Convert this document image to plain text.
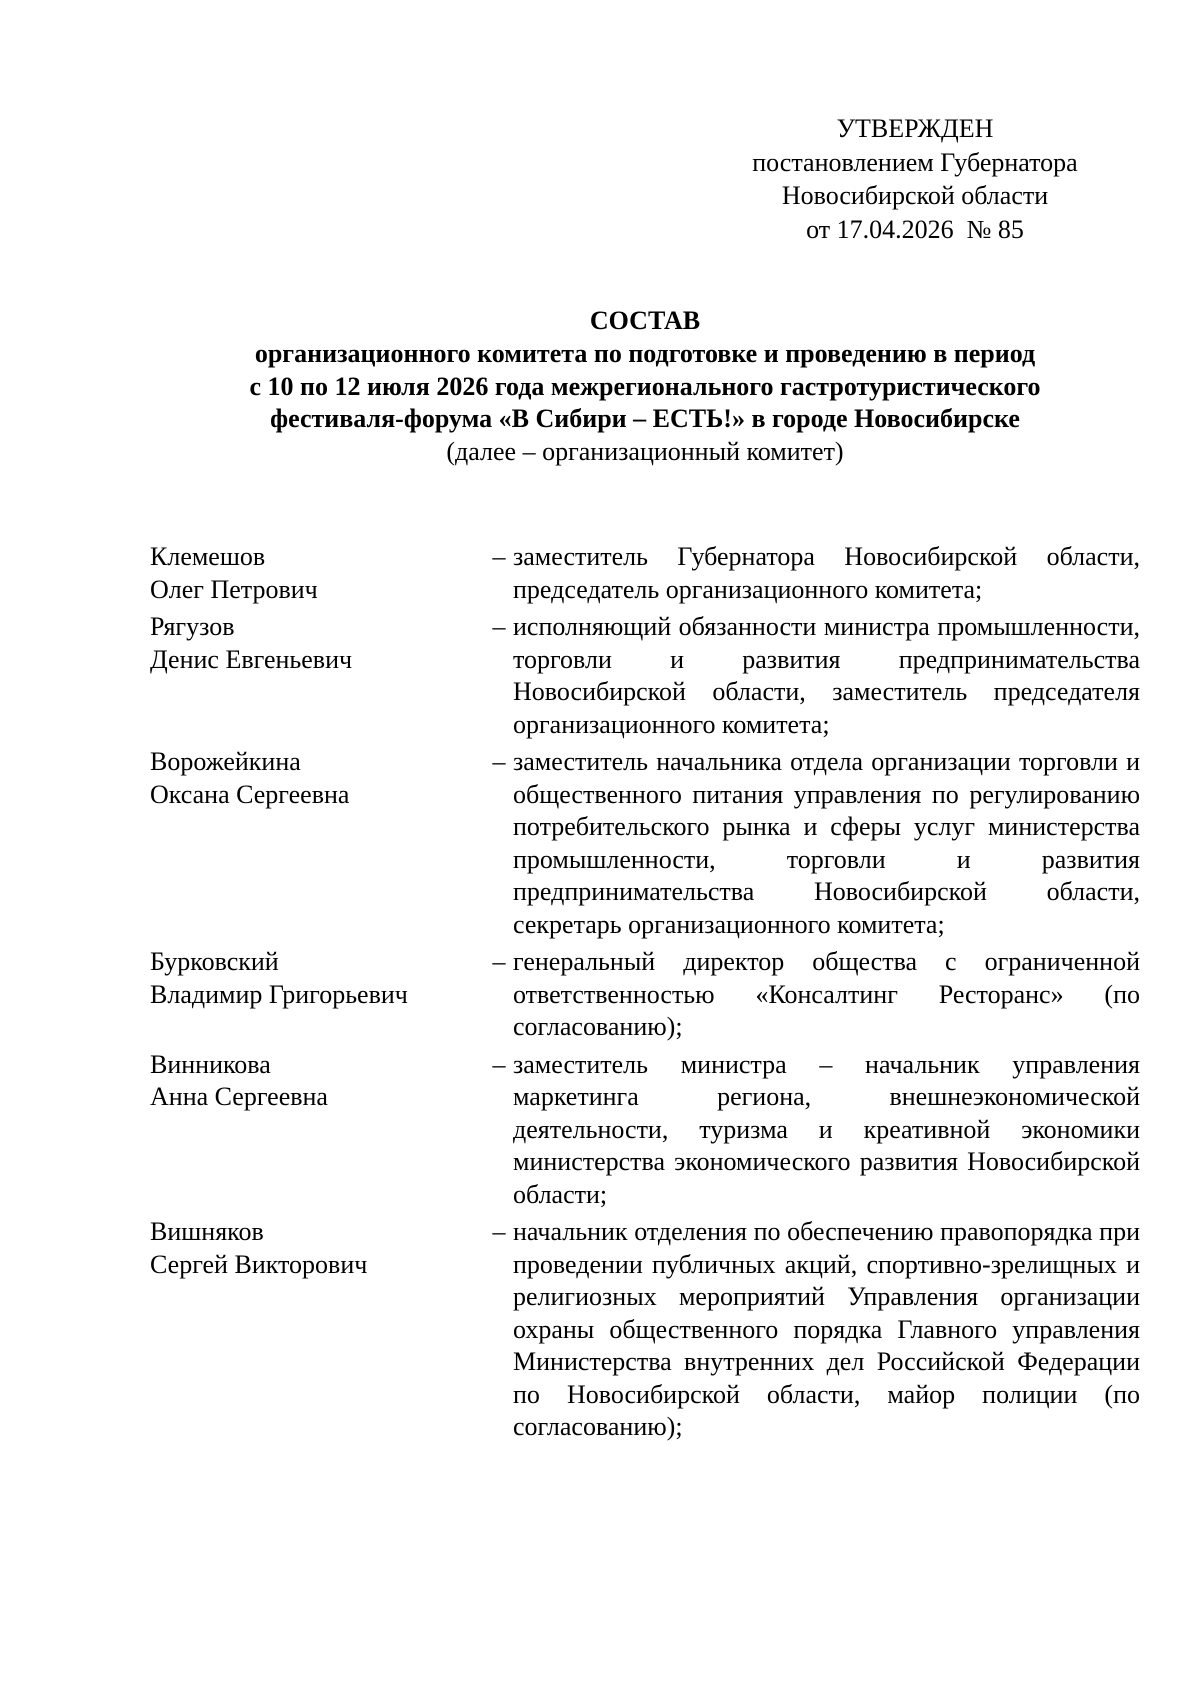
УТВЕРЖДЕН
постановлением Губернатора
Новосибирской области
от 17.04.2026  № 85
СОСТАВ
организационного комитета по подготовке и проведению в период
с 10 по 12 июля 2026 года межрегионального гастротуристического
фестиваля-форума «В Сибири – ЕСТЬ!» в городе Новосибирске
(далее – организационный комитет)
Клемешов
Олег Петрович
– заместитель Губернатора Новосибирской области, председатель организационного комитета;
Рягузов
Денис Евгеньевич
– исполняющий обязанности министра промышленности, торговли и развития предпринимательства Новосибирской области, заместитель председателя организационного комитета;
Ворожейкина
Оксана Сергеевна
– заместитель начальника отдела организации торговли и общественного питания управления по регулированию потребительского рынка и сферы услуг министерства промышленности, торговли и развития предпринимательства Новосибирской области, секретарь организационного комитета;
Бурковский
Владимир Григорьевич
– генеральный директор общества с ограниченной ответственностью «Консалтинг Ресторанс» (по согласованию);
Винникова
Анна Сергеевна
– заместитель министра – начальник управления маркетинга региона, внешнеэкономической деятельности, туризма и креативной экономики министерства экономического развития Новосибирской области;
Вишняков
Сергей Викторович
– начальник отделения по обеспечению правопорядка при проведении публичных акций, спортивно-зрелищных и религиозных мероприятий Управления организации охраны общественного порядка Главного управления Министерства внутренних дел Российской Федерации по Новосибирской области, майор полиции (по согласованию);
